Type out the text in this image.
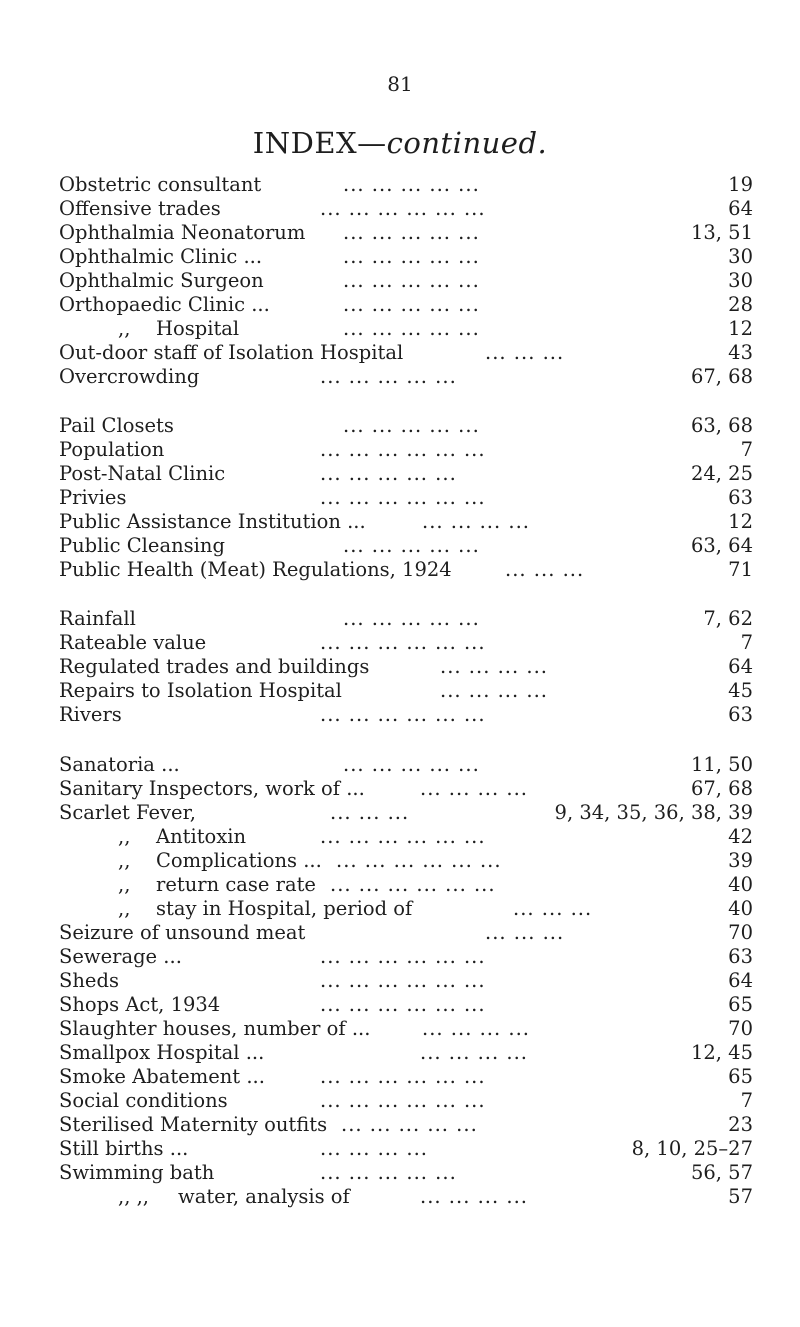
81
INDEX—continued.
Obstetric consultant	... ... ... ... ...	19
Offensive trades	... ... ... ... ... ...	64
Ophthalmia Neonatorum ... ... ... ... ...	13, 51
Ophthalmic Clinic ...	... ... ... ... ...	30
Ophthalmic Surgeon	... ... ... ... ...	30
Orthopaedic Clinic ...	... ... ... ... ...	28
,, Hospital	... ... ... ... ...	12
Out-door staff of Isolation Hospital	... ... ...	43
Overcrowding	... ... ... ... ...	67, 68
Pail Closets	... ... ... ... ...	63, 68
Population	... ... ... ... ... ...	7
Post-Natal Clinic	... ... ... ... ...	24, 25
Privies	... ... ... ... ... ...	63
Public Assistance Institution ...	... ... ... ...	12
Public Cleansing	... ... ... ... ...	63, 64
Public Health (Meat) Regulations, 1924	... ... ...	71
Rainfall	... ... ... ... ...	7, 62
Rateable value	... ... ... ... ... ...	7
Regulated trades and buildings	... ... ... ...	64
Repairs to Isolation Hospital	... ... ... ...	45
Rivers	... ... ... ... ... ...	63
Sanatoria ...	... ... ... ... ...	11, 50
Sanitary Inspectors, work of ...	... ... ... ...	67, 68
Scarlet Fever,	... ... ...	9, 34, 35, 36, 38, 39
,, Antitoxin	... ... ... ... ... ...	42
,, Complications ... ... ... ... ... ... ...	39
,, return case rate ... ... ... ... ... ...	40
,, stay in Hospital, period of	... ... ...	40
Seizure of unsound meat	... ... ...	70
Sewerage ...	... ... ... ... ... ...	63
Sheds	... ... ... ... ... ...	64
Shops Act, 1934	... ... ... ... ... ...	65
Slaughter houses, number of ...	... ... ... ...	70
Smallpox Hospital ...	... ... ... ...	12, 45
Smoke Abatement ...	... ... ... ... ... ...	65
Social conditions	... ... ... ... ... ...	7
Sterilised Maternity outfits ... ... ... ... ...	23
Still births ...	... ... ... ...	8, 10, 25–27
Swimming bath	... ... ... ... ...	56, 57
,, ,, water, analysis of	... ... ... ...	57
